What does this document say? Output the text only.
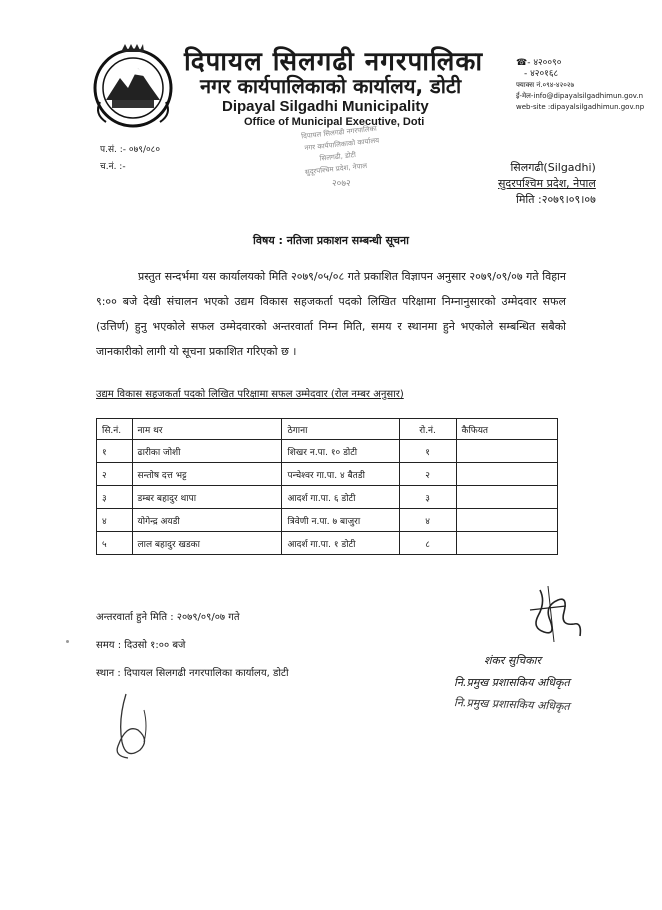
दिपायल सिलगढी नगरपालिका
नगर कार्यपालिकाको कार्यालय, डोटी
Dipayal Silgadhi Municipality
Office of Municipal Executive, Doti
☎- ४२००९०
- ४२०१६८
फ्याक्स नं.०९४-४२०२७
ई-मेल-info@dipayalsilgadhimun.gov.n
web-site :dipayalsilgadhimun.gov.np
प.सं. :- ०७९/०८०
च.नं. :-
दिपायल सिलगढी नगरपालिका
नगर कार्यपालिकाको कार्यालय
सिलगढी, डोटी
सुदूरपश्चिम प्रदेश, नेपाल
२०७२
सिलगढी(Silgadhi)
सुदरपश्चिम प्रदेश, नेपाल
मिति :२०७९।०९।०७
विषय : नतिजा प्रकाशन सम्बन्धी सूचना
प्रस्तुत सन्दर्भमा यस कार्यालयको मिति २०७९/०५/०८ गते प्रकाशित विज्ञापन अनुसार २०७९/०९/०७ गते विहान ९:०० बजे देखी संचालन भएको उद्यम विकास सहजकर्ता पदको लिखित परिक्षामा निम्नानुसारको उम्मेदवार सफल (उत्तिर्ण) हुनु भएकोले सफल उम्मेदवारको अन्तरवार्ता निम्न मिति, समय र स्थानमा हुने भएकोले सम्बन्धित सबैको जानकारीको लागी यो सूचना प्रकाशित गरिएको छ ।
उद्यम विकास सहजकर्ता पदको लिखित परिक्षामा सफल उम्मेदवार (रोल नम्बर अनुसार)
सि.नं.	नाम थर	ठेगाना	रो.नं.	कैफियत
१	ढारीका जोशी	शिखर न.पा. १० डोटी	१	
२	सन्तोष दत्त भट्ट	पन्चेश्वर गा.पा. ४ बैतडी	२	
३	डम्बर बहादुर थापा	आदर्श गा.पा. ६ डोटी	३	
४	योगेन्द्र अयडी	त्रिवेणी न.पा. ७ बाजुरा	४	
५	लाल बहादुर खडका	आदर्श गा.पा. १ डोटी	८	
अन्तरवार्ता हुने मिति : २०७९/०९/०७ गते
समय : दिउसो १:०० बजे
स्थान : दिपायल सिलगढी नगरपालिका कार्यालय, डोटी
शंकर सुचिकार
नि.प्रमुख प्रशासकिय अधिकृत
नि.प्रमुख प्रशासकिय अधिकृत
